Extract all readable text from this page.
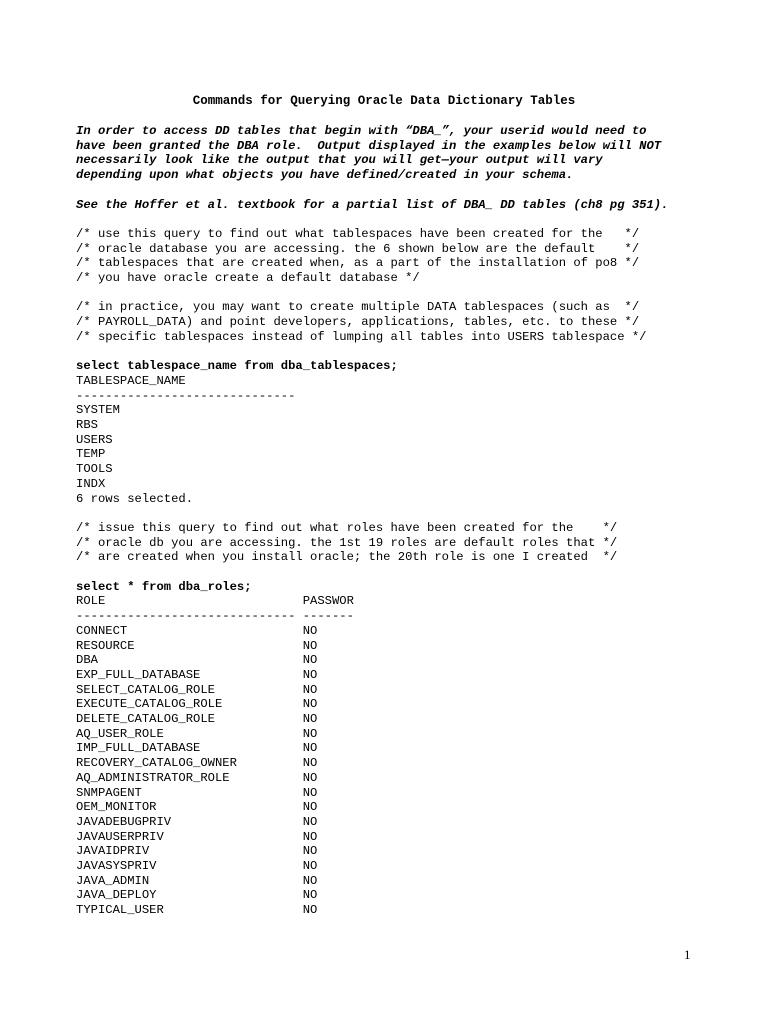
Commands for Querying Oracle Data Dictionary Tables

In order to access DD tables that begin with “DBA_”, your userid would need to

have been granted the DBA role.  Output displayed in the examples below will NOT

necessarily look like the output that you will get—your output will vary

depending upon what objects you have defined/created in your schema.

See the Hoffer et al. textbook for a partial list of DBA_ DD tables (ch8 pg 351).

/* use this query to find out what tablespaces have been created for the   */

/* oracle database you are accessing. the 6 shown below are the default    */

/* tablespaces that are created when, as a part of the installation of po8 */

/* you have oracle create a default database */

/* in practice, you may want to create multiple DATA tablespaces (such as  */

/* PAYROLL_DATA) and point developers, applications, tables, etc. to these */

/* specific tablespaces instead of lumping all tables into USERS tablespace */

select tablespace_name from dba_tablespaces;

TABLESPACE_NAME

------------------------------

SYSTEM
RBS
USERS
TEMP
TOOLS
INDX

6 rows selected.

/* issue this query to find out what roles have been created for the    */

/* oracle db you are accessing. the 1st 19 roles are default roles that */

/* are created when you install oracle; the 20th role is one I created  */

select * from dba_roles;

ROLE                           PASSWOR

------------------------------ -------

CONNECT                        NO
RESOURCE                       NO
DBA                            NO
EXP_FULL_DATABASE              NO
SELECT_CATALOG_ROLE            NO
EXECUTE_CATALOG_ROLE           NO
DELETE_CATALOG_ROLE            NO
AQ_USER_ROLE                   NO
IMP_FULL_DATABASE              NO
RECOVERY_CATALOG_OWNER         NO
AQ_ADMINISTRATOR_ROLE          NO
SNMPAGENT                      NO
OEM_MONITOR                    NO
JAVADEBUGPRIV                  NO
JAVAUSERPRIV                   NO
JAVAIDPRIV                     NO
JAVASYSPRIV                    NO
JAVA_ADMIN                     NO
JAVA_DEPLOY                    NO
TYPICAL_USER                   NO
1
